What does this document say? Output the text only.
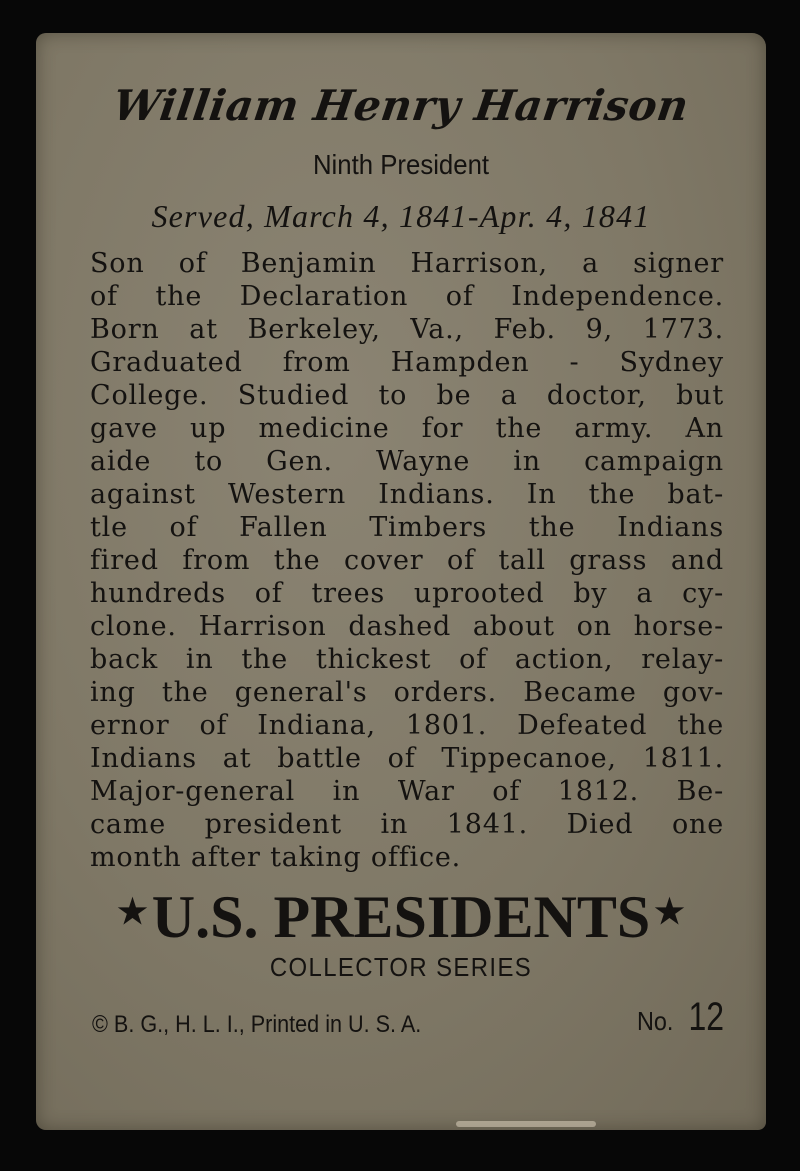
William Henry Harrison
Ninth President
Served, March 4, 1841-Apr. 4, 1841
Son of Benjamin Harrison, a signer
of the Declaration of Independence.
Born at Berkeley, Va., Feb. 9, 1773.
Graduated from Hampden - Sydney
College. Studied to be a doctor, but
gave up medicine for the army. An
aide to Gen. Wayne in campaign
against Western Indians. In the bat-
tle of Fallen Timbers the Indians
fired from the cover of tall grass and
hundreds of trees uprooted by a cy-
clone. Harrison dashed about on horse-
back in the thickest of action, relay-
ing the general's orders. Became gov-
ernor of Indiana, 1801. Defeated the
Indians at battle of Tippecanoe, 1811.
Major-general in War of 1812. Be-
came president in 1841. Died one
month after taking office.
★U.S. PRESIDENTS ★
COLLECTOR SERIES
© B. G., H. L. I., Printed in U. S. A.	No. 12
